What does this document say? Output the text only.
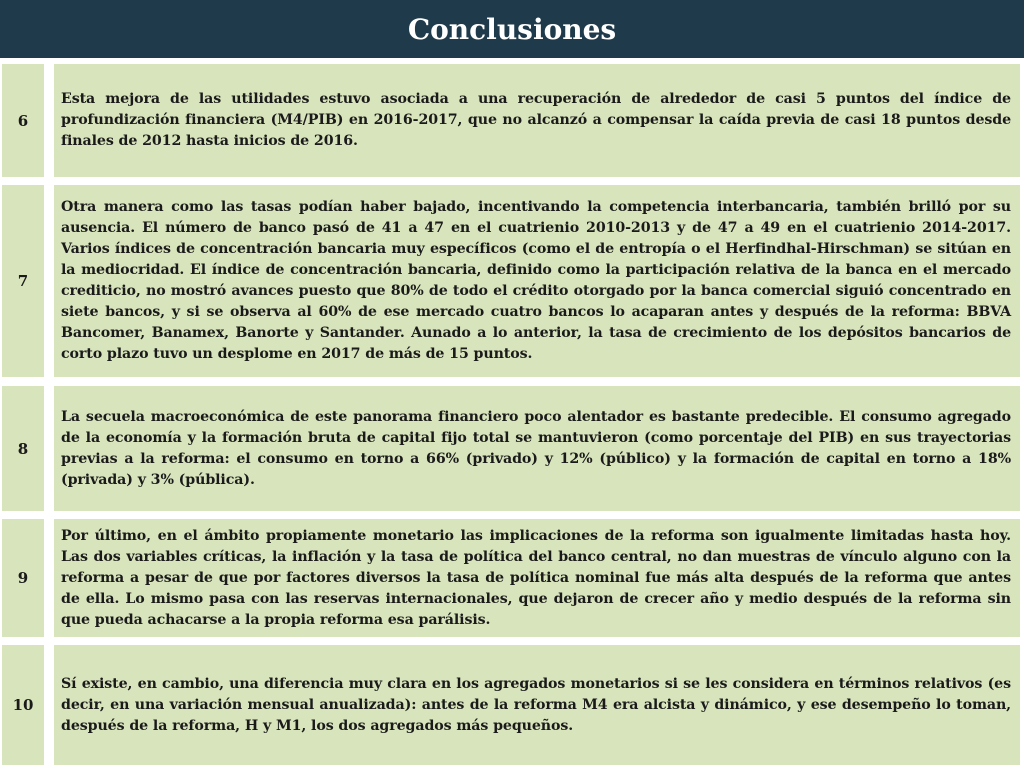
Conclusiones
6

Esta mejora de las utilidades estuvo asociada a una recuperación de alrededor de casi 5 puntos del índice de profundización financiera (M4/PIB) en 2016-2017, que no alcanzó a compensar la caída previa de casi 18 puntos desde finales de 2012 hasta inicios de 2016.

7

Otra manera como las tasas podían haber bajado, incentivando la competencia interbancaria, también brilló por su ausencia. El número de banco pasó de 41 a 47 en el cuatrienio 2010-2013 y de 47 a 49 en el cuatrienio 2014-2017. Varios índices de concentración bancaria muy específicos (como el de entropía o el Herfindhal-Hirschman) se sitúan en la mediocridad. El índice de concentración bancaria, definido como la participación relativa de la banca en el mercado crediticio, no mostró avances puesto que 80% de todo el crédito otorgado por la banca comercial siguió concentrado en siete bancos, y si se observa al 60% de ese mercado cuatro bancos lo acaparan antes y después de la reforma: BBVA Bancomer, Banamex, Banorte y Santander. Aunado a lo anterior, la tasa de crecimiento de los depósitos bancarios de corto plazo tuvo un desplome en 2017 de más de 15 puntos.

8

La secuela macroeconómica de este panorama financiero poco alentador es bastante predecible. El consumo agregado de la economía y la formación bruta de capital fijo total se mantuvieron (como porcentaje del PIB) en sus trayectorias previas a la reforma: el consumo en torno a 66% (privado) y 12% (público) y la formación de capital en torno a 18% (privada) y 3% (pública).

9

Por último, en el ámbito propiamente monetario las implicaciones de la reforma son igualmente limitadas hasta hoy. Las dos variables críticas, la inflación y la tasa de política del banco central, no dan muestras de vínculo alguno con la reforma a pesar de que por factores diversos la tasa de política nominal fue más alta después de la reforma que antes de ella. Lo mismo pasa con las reservas internacionales, que dejaron de crecer año y medio después de la reforma sin que pueda achacarse a la propia reforma esa parálisis.

10

Sí existe, en cambio, una diferencia muy clara en los agregados monetarios si se les considera en términos relativos (es decir, en una variación mensual anualizada): antes de la reforma M4 era alcista y dinámico, y ese desempeño lo toman, después de la reforma, H y M1, los dos agregados más pequeños.
